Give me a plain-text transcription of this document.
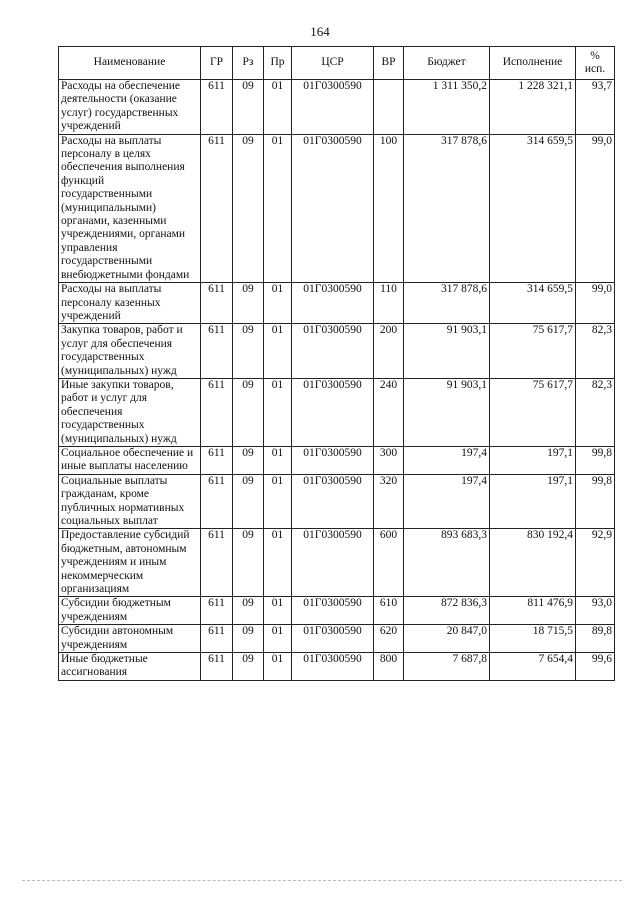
164
Наименование	ГР	Рз	Пр	ЦСР	ВР	Бюджет	Исполнение	%
исп.
Расходы на обеспечение деятельности (оказание услуг) государственных учреждений	611	09	01	01Г0300590		1 311 350,2	1 228 321,1	93,7
Расходы на выплаты персоналу в целях обеспечения выполнения функций государственными (муниципальными) органами, казенными учреждениями, органами управления государственными внебюджетными фондами	611	09	01	01Г0300590	100	317 878,6	314 659,5	99,0
Расходы на выплаты персоналу казенных учреждений	611	09	01	01Г0300590	110	317 878,6	314 659,5	99,0
Закупка товаров, работ и услуг для обеспечения государственных (муниципальных) нужд	611	09	01	01Г0300590	200	91 903,1	75 617,7	82,3
Иные закупки товаров, работ и услуг для обеспечения государственных (муниципальных) нужд	611	09	01	01Г0300590	240	91 903,1	75 617,7	82,3
Социальное обеспечение и иные выплаты населению	611	09	01	01Г0300590	300	197,4	197,1	99,8
Социальные выплаты гражданам, кроме публичных нормативных социальных выплат	611	09	01	01Г0300590	320	197,4	197,1	99,8
Предоставление субсидий бюджетным, автономным учреждениям и иным некоммерческим организациям	611	09	01	01Г0300590	600	893 683,3	830 192,4	92,9
Субсидии бюджетным учреждениям	611	09	01	01Г0300590	610	872 836,3	811 476,9	93,0
Субсидии автономным учреждениям	611	09	01	01Г0300590	620	20 847,0	18 715,5	89,8
Иные бюджетные ассигнования	611	09	01	01Г0300590	800	7 687,8	7 654,4	99,6
